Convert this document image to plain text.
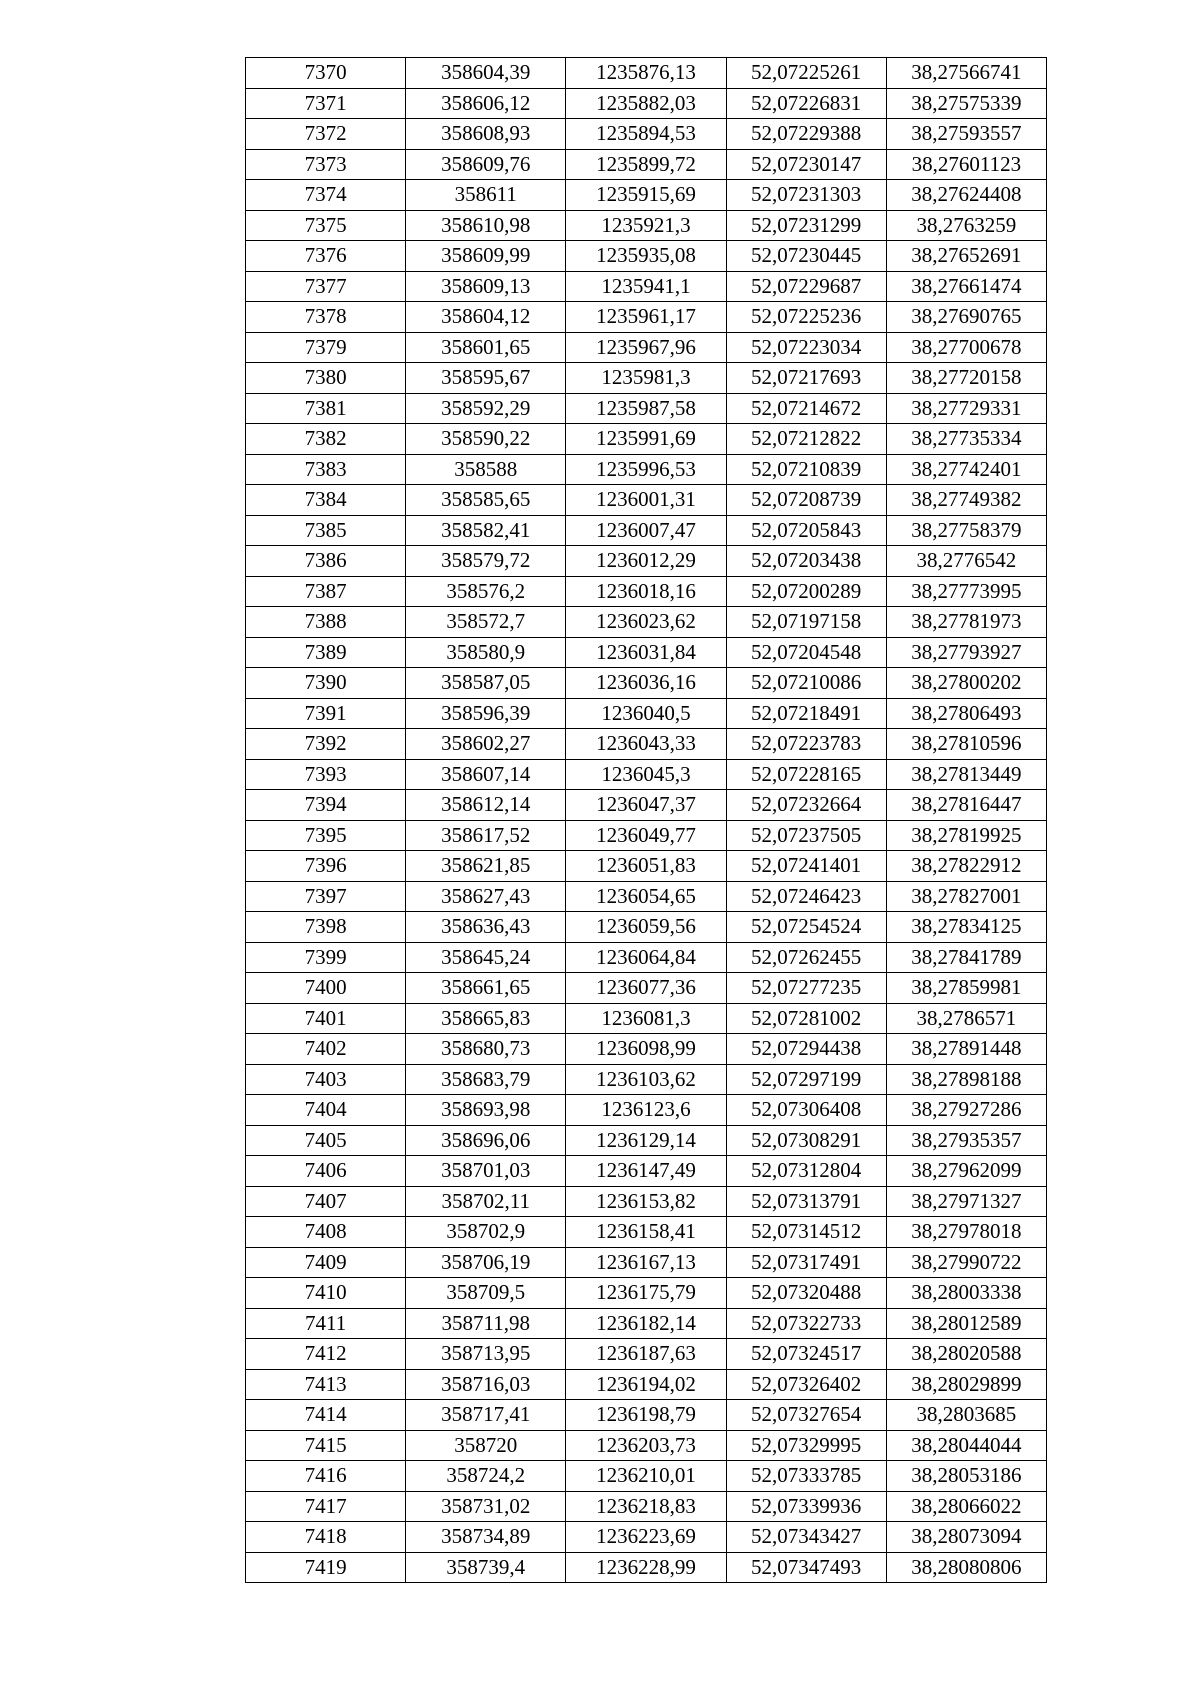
7370	358604,39	1235876,13	52,07225261	38,27566741
7371	358606,12	1235882,03	52,07226831	38,27575339
7372	358608,93	1235894,53	52,07229388	38,27593557
7373	358609,76	1235899,72	52,07230147	38,27601123
7374	358611	1235915,69	52,07231303	38,27624408
7375	358610,98	1235921,3	52,07231299	38,2763259
7376	358609,99	1235935,08	52,07230445	38,27652691
7377	358609,13	1235941,1	52,07229687	38,27661474
7378	358604,12	1235961,17	52,07225236	38,27690765
7379	358601,65	1235967,96	52,07223034	38,27700678
7380	358595,67	1235981,3	52,07217693	38,27720158
7381	358592,29	1235987,58	52,07214672	38,27729331
7382	358590,22	1235991,69	52,07212822	38,27735334
7383	358588	1235996,53	52,07210839	38,27742401
7384	358585,65	1236001,31	52,07208739	38,27749382
7385	358582,41	1236007,47	52,07205843	38,27758379
7386	358579,72	1236012,29	52,07203438	38,2776542
7387	358576,2	1236018,16	52,07200289	38,27773995
7388	358572,7	1236023,62	52,07197158	38,27781973
7389	358580,9	1236031,84	52,07204548	38,27793927
7390	358587,05	1236036,16	52,07210086	38,27800202
7391	358596,39	1236040,5	52,07218491	38,27806493
7392	358602,27	1236043,33	52,07223783	38,27810596
7393	358607,14	1236045,3	52,07228165	38,27813449
7394	358612,14	1236047,37	52,07232664	38,27816447
7395	358617,52	1236049,77	52,07237505	38,27819925
7396	358621,85	1236051,83	52,07241401	38,27822912
7397	358627,43	1236054,65	52,07246423	38,27827001
7398	358636,43	1236059,56	52,07254524	38,27834125
7399	358645,24	1236064,84	52,07262455	38,27841789
7400	358661,65	1236077,36	52,07277235	38,27859981
7401	358665,83	1236081,3	52,07281002	38,2786571
7402	358680,73	1236098,99	52,07294438	38,27891448
7403	358683,79	1236103,62	52,07297199	38,27898188
7404	358693,98	1236123,6	52,07306408	38,27927286
7405	358696,06	1236129,14	52,07308291	38,27935357
7406	358701,03	1236147,49	52,07312804	38,27962099
7407	358702,11	1236153,82	52,07313791	38,27971327
7408	358702,9	1236158,41	52,07314512	38,27978018
7409	358706,19	1236167,13	52,07317491	38,27990722
7410	358709,5	1236175,79	52,07320488	38,28003338
7411	358711,98	1236182,14	52,07322733	38,28012589
7412	358713,95	1236187,63	52,07324517	38,28020588
7413	358716,03	1236194,02	52,07326402	38,28029899
7414	358717,41	1236198,79	52,07327654	38,2803685
7415	358720	1236203,73	52,07329995	38,28044044
7416	358724,2	1236210,01	52,07333785	38,28053186
7417	358731,02	1236218,83	52,07339936	38,28066022
7418	358734,89	1236223,69	52,07343427	38,28073094
7419	358739,4	1236228,99	52,07347493	38,28080806
